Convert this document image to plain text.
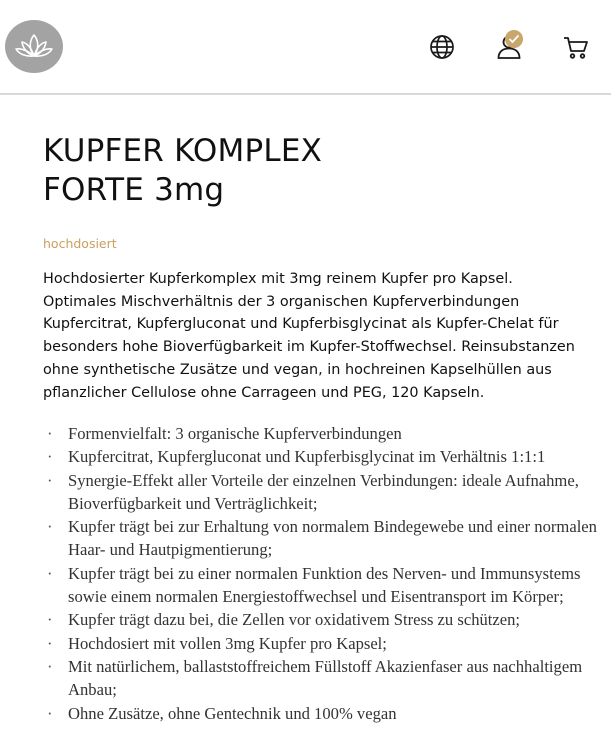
KUPFER KOMPLEX
FORTE 3mg

hochdosiert

Hochdosierter Kupferkomplex mit 3mg reinem Kupfer pro Kapsel. Optimales Mischverhältnis der 3 organischen Kupferverbindungen Kupfercitrat, Kupfergluconat und Kupferbisglycinat als Kupfer-Chelat für besonders hohe Bioverfügbarkeit im Kupfer-Stoffwechsel. Reinsubstanzen ohne synthetische Zusätze und vegan, in hochreinen Kapselhüllen aus pflanzlicher Cellulose ohne Carrageen und PEG, 120 Kapseln.

· Formenvielfalt: 3 organische Kupferverbindungen
· Kupfercitrat, Kupfergluconat und Kupferbisglycinat im Verhältnis 1:1:1
· Synergie-Effekt aller Vorteile der einzelnen Verbindungen: ideale Aufnahme, Bioverfügbarkeit und Verträglichkeit;
· Kupfer trägt bei zur Erhaltung von normalem Bindegewebe und einer normalen Haar- und Hautpigmentierung;
· Kupfer trägt bei zu einer normalen Funktion des Nerven- und Immunsystems sowie einem normalen Energiestoffwechsel und Eisentransport im Körper;
· Kupfer trägt dazu bei, die Zellen vor oxidativem Stress zu schützen;
· Hochdosiert mit vollen 3mg Kupfer pro Kapsel;
· Mit natürlichem, ballaststoffreichem Füllstoff Akazienfaser aus nachhaltigem Anbau;
· Ohne Zusätze, ohne Gentechnik und 100% vegan
